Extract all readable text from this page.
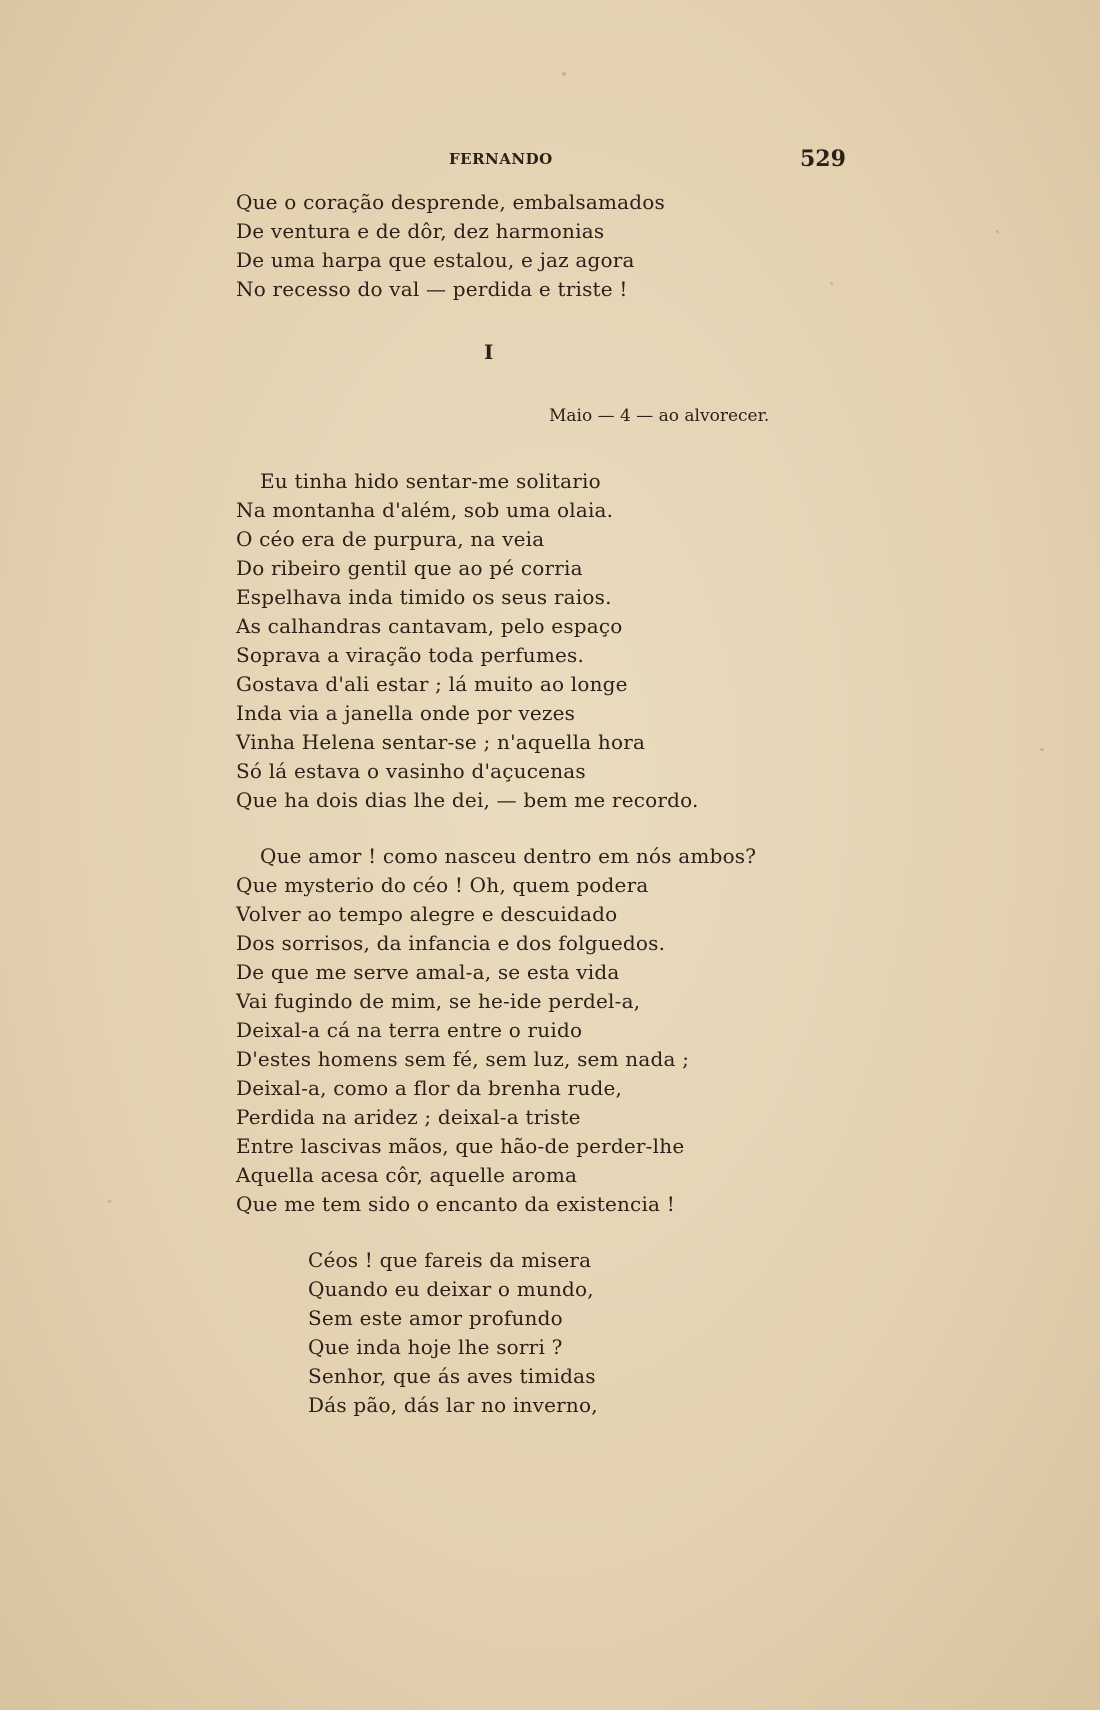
FERNANDO	529
Que o coração desprende, embalsamados
De ventura e de dôr, dez harmonias
De uma harpa que estalou, e jaz agora
No recesso do val — perdida e triste !
I
Maio — 4 — ao alvorecer.
Eu tinha hido sentar-me solitario
Na montanha d'além, sob uma olaia.
O céo era de purpura, na veia
Do ribeiro gentil que ao pé corria
Espelhava inda timido os seus raios.
As calhandras cantavam, pelo espaço
Soprava a viração toda perfumes.
Gostava d'ali estar ; lá muito ao longe
Inda via a janella onde por vezes
Vinha Helena sentar-se ; n'aquella hora
Só lá estava o vasinho d'açucenas
Que ha dois dias lhe dei, — bem me recordo.
Que amor ! como nasceu dentro em nós ambos?
Que mysterio do céo ! Oh, quem podera
Volver ao tempo alegre e descuidado
Dos sorrisos, da infancia e dos folguedos.
De que me serve amal-a, se esta vida
Vai fugindo de mim, se he-ide perdel-a,
Deixal-a cá na terra entre o ruido
D'estes homens sem fé, sem luz, sem nada ;
Deixal-a, como a flor da brenha rude,
Perdida na aridez ; deixal-a triste
Entre lascivas mãos, que hão-de perder-lhe
Aquella acesa côr, aquelle aroma
Que me tem sido o encanto da existencia !
Céos ! que fareis da misera
Quando eu deixar o mundo,
Sem este amor profundo
Que inda hoje lhe sorri ?
Senhor, que ás aves timidas
Dás pão, dás lar no inverno,
